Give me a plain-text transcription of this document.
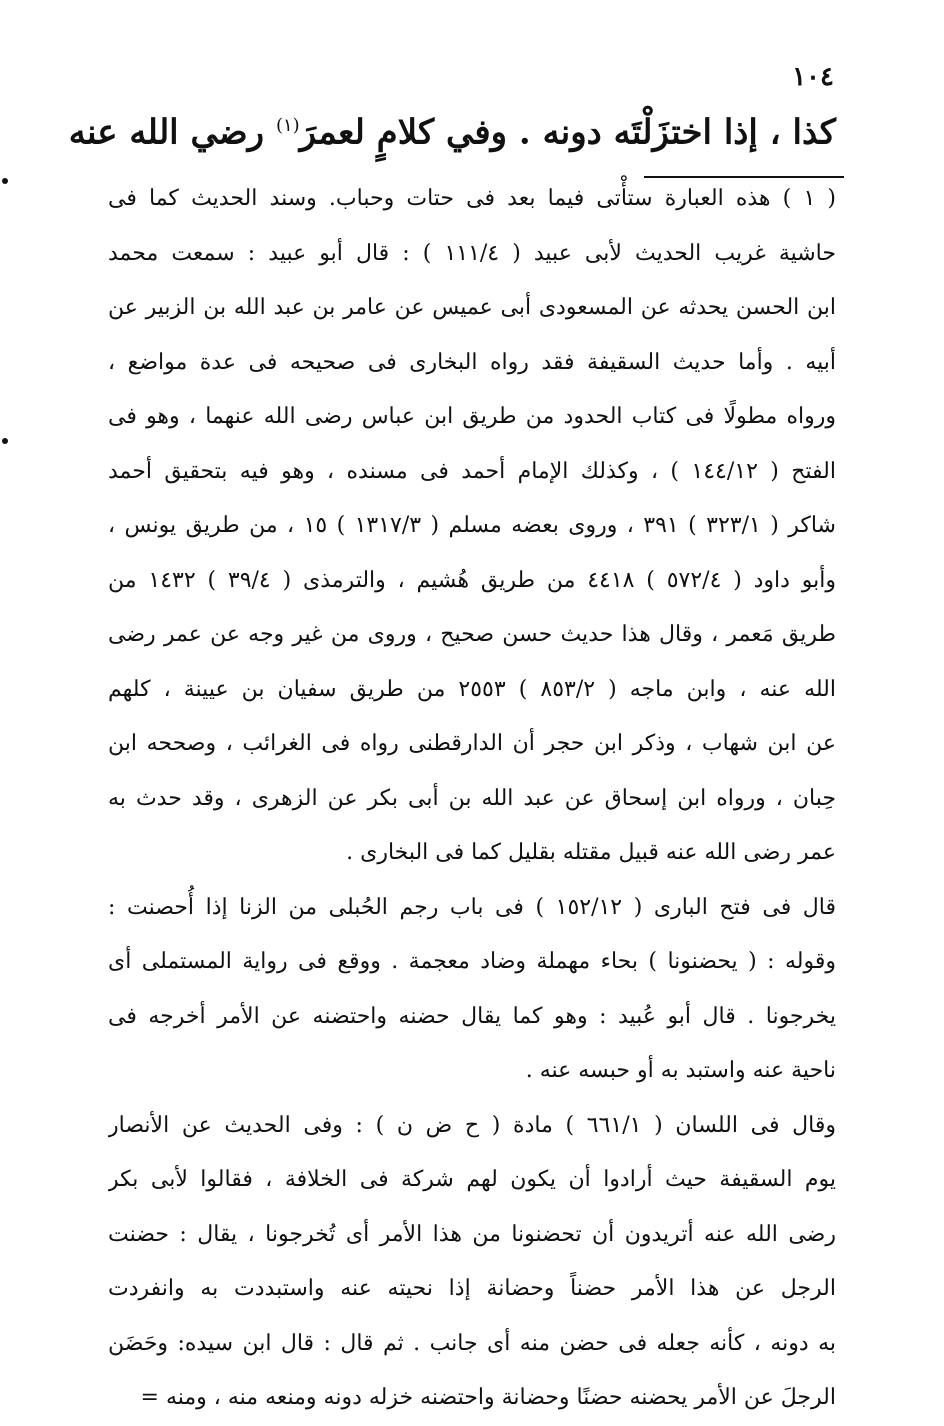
١٠٤
كذا ، إذا اختزَلْتَه دونه . وفي كلامٍ لعمرَ$^{(١)}$ رضي الله عنه
( ١ ) هذه العبارة ستأْتى فيما بعد فى حتات وحباب. وسند الحديث كما فى
حاشية غريب الحديث لأبى عبيد ( ١١١/٤ ) : قال أبو عبيد : سمعت محمد
ابن الحسن يحدثه عن المسعودى أبى عميس عن عامر بن عبد الله بن الزبير عن
أبيه . وأما حديث السقيفة فقد رواه البخارى فى صحيحه فى عدة مواضع ،
ورواه مطولًا فى كتاب الحدود من طريق ابن عباس رضى الله عنهما ، وهو فى
الفتح ( ١٤٤/١٢ ) ، وكذلك الإمام أحمد فى مسنده ، وهو فيه بتحقيق أحمد
شاكر ( ٣٢٣/١ ) ٣٩١ ، وروى بعضه مسلم ( ١٣١٧/٣ ) ١٥ ، من طريق يونس ،
وأبو داود ( ٥٧٢/٤ ) ٤٤١٨ من طريق هُشيم ، والترمذى ( ٣٩/٤ ) ١٤٣٢ من
طريق مَعمر ، وقال هذا حديث حسن صحيح ، وروى من غير وجه عن عمر رضى
الله عنه ، وابن ماجه ( ٨٥٣/٢ ) ٢٥٥٣ من طريق سفيان بن عيينة ، كلهم
عن ابن شهاب ، وذكر ابن حجر أن الدارقطنى رواه فى الغرائب ، وصححه ابن
حِبان ، ورواه ابن إسحاق عن عبد الله بن أبى بكر عن الزهرى ، وقد حدث به
عمر رضى الله عنه قبيل مقتله بقليل كما فى البخارى .
قال فى فتح البارى ( ١٥٢/١٢ ) فى باب رجم الحُبلى من الزنا إذا أُحصنت :
وقوله : ( يحضنونا ) بحاء مهملة وضاد معجمة . ووقع فى رواية المستملى أى
يخرجونا . قال أبو عُبيد : وهو كما يقال حضنه واحتضنه عن الأمر أخرجه فى
ناحية عنه واستبد به أو حبسه عنه .
وقال فى اللسان ( ٦٦١/١ ) مادة ( ح ض ن ) : وفى الحديث عن الأنصار
يوم السقيفة حيث أرادوا أن يكون لهم شركة فى الخلافة ، فقالوا لأبى بكر
رضى الله عنه أتريدون أن تحضنونا من هذا الأمر أى تُخرجونا ، يقال : حضنت
الرجل عن هذا الأمر حضناً وحضانة إذا نحيته عنه واستبددت به وانفردت
به دونه ، كأنه جعله فى حضن منه أى جانب . ثم قال : قال ابن سيده: وحَضَن
الرجلَ عن الأمر يحضنه حضنًا وحضانة واحتضنه خزله دونه ومنعه منه ، ومنه =
